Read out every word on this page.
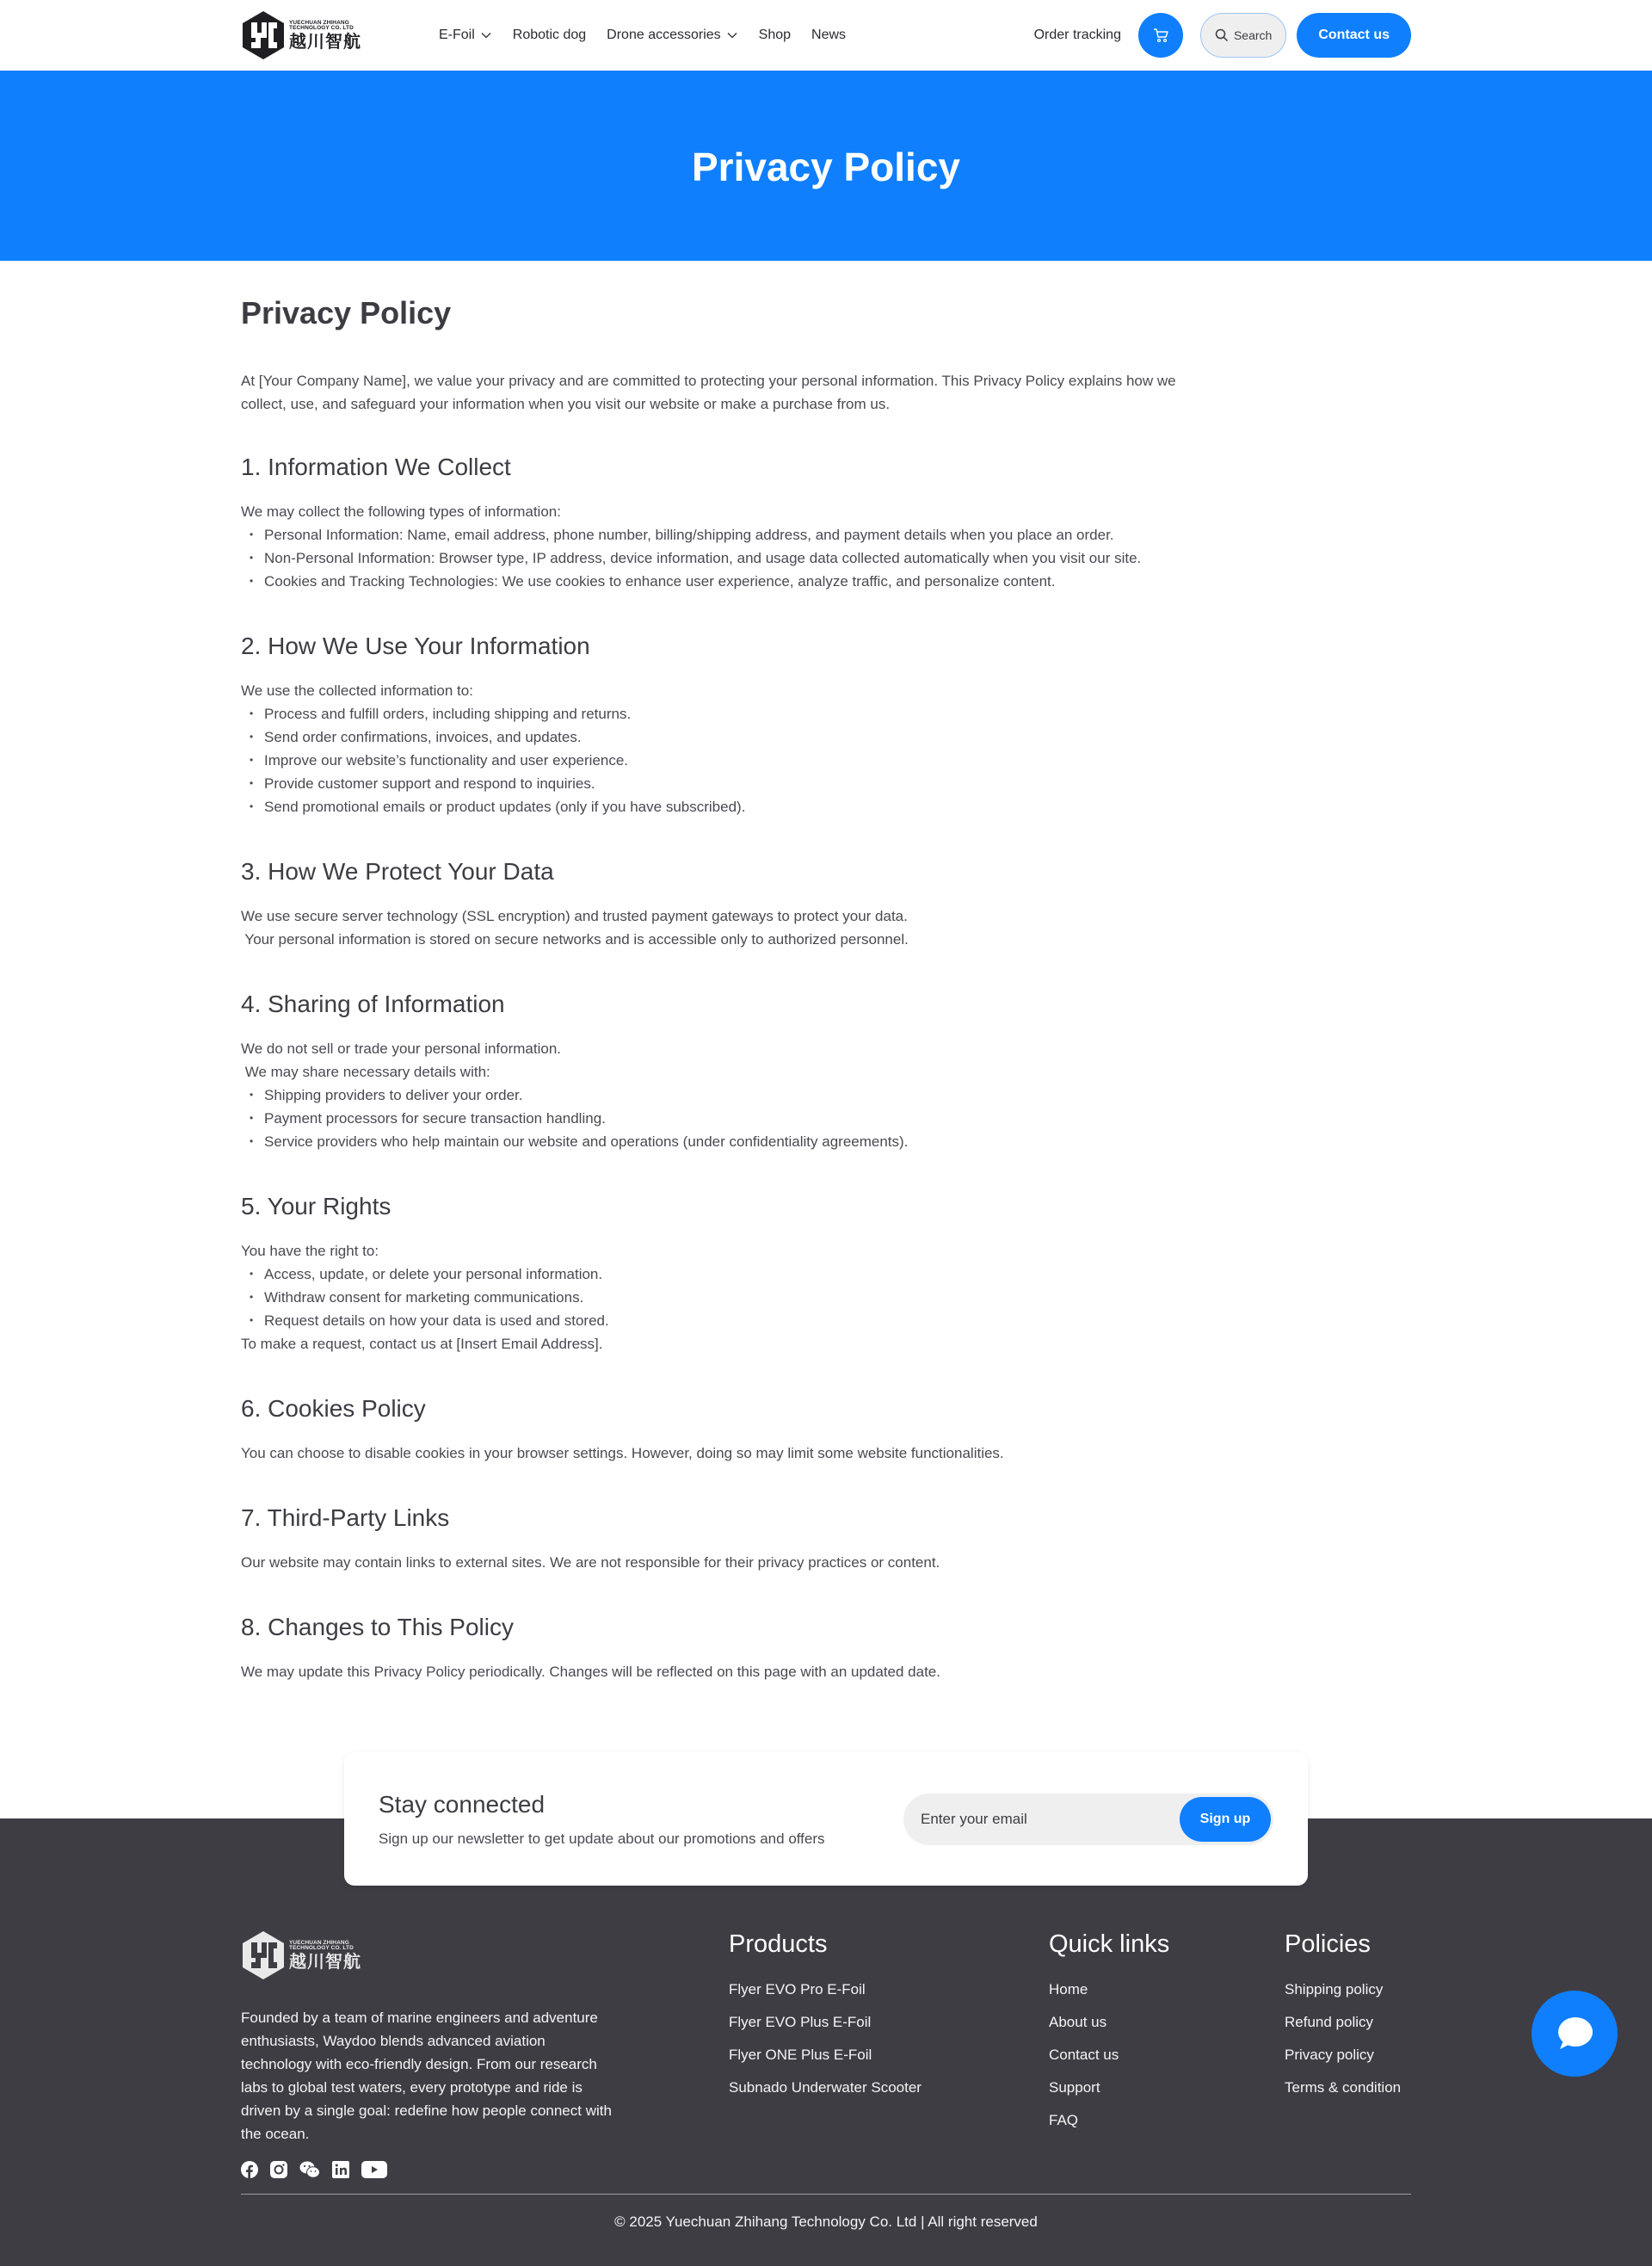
YUECHUAN ZHIHANG
TECHNOLOGY CO. LTD
越川智航	E-Foil	Robotic dog Drone accessories	Shop News	Order tracking	Search	Contact us
Privacy Policy
Privacy Policy

At [Your Company Name], we value your privacy and are committed to protecting your personal information. This Privacy Policy explains how we collect, use, and safeguard your information when you visit our website or make a purchase from us.

1. Information We Collect

We may collect the following types of information:

• Personal Information: Name, email address, phone number, billing/shipping address, and payment details when you place an order.
• Non-Personal Information: Browser type, IP address, device information, and usage data collected automatically when you visit our site.
• Cookies and Tracking Technologies: We use cookies to enhance user experience, analyze traffic, and personalize content.
2. How We Use Your Information

We use the collected information to:

• Process and fulfill orders, including shipping and returns.
• Send order confirmations, invoices, and updates.
• Improve our website’s functionality and user experience.
• Provide customer support and respond to inquiries.
• Send promotional emails or product updates (only if you have subscribed).
3. How We Protect Your Data

We use secure server technology (SSL encryption) and trusted payment gateways to protect your data.

Your personal information is stored on secure networks and is accessible only to authorized personnel.

4. Sharing of Information

We do not sell or trade your personal information.

We may share necessary details with:

• Shipping providers to deliver your order.
• Payment processors for secure transaction handling.
• Service providers who help maintain our website and operations (under confidentiality agreements).
5. Your Rights

You have the right to:

• Access, update, or delete your personal information.
• Withdraw consent for marketing communications.
• Request details on how your data is used and stored.

To make a request, contact us at [Insert Email Address].

6. Cookies Policy

You can choose to disable cookies in your browser settings. However, doing so may limit some website functionalities.

7. Third-Party Links

Our website may contain links to external sites. We are not responsible for their privacy practices or content.

8. Changes to This Policy

We may update this Privacy Policy periodically. Changes will be reflected on this page with an updated date.

Stay connected

Sign up our newsletter to get update about our promotions and offers

Enter your email
Sign up
YUECHUAN ZHIHANG
TECHNOLOGY CO. LTD
越川智航

Founded by a team of marine engineers and adventure enthusiasts, Waydoo blends advanced aviation technology with eco-friendly design. From our research labs to global test waters, every prototype and ride is driven by a single goal: redefine how people connect with the ocean.

Products
Flyer EVO Pro E-Foil
Flyer EVO Plus E-Foil
Flyer ONE Plus E-Foil
Subnado Underwater Scooter
Quick links
Home
About us
Contact us
Support
FAQ
Policies
Shipping policy
Refund policy
Privacy policy
Terms & condition
© 2025 Yuechuan Zhihang Technology Co. Ltd | All right reserved
